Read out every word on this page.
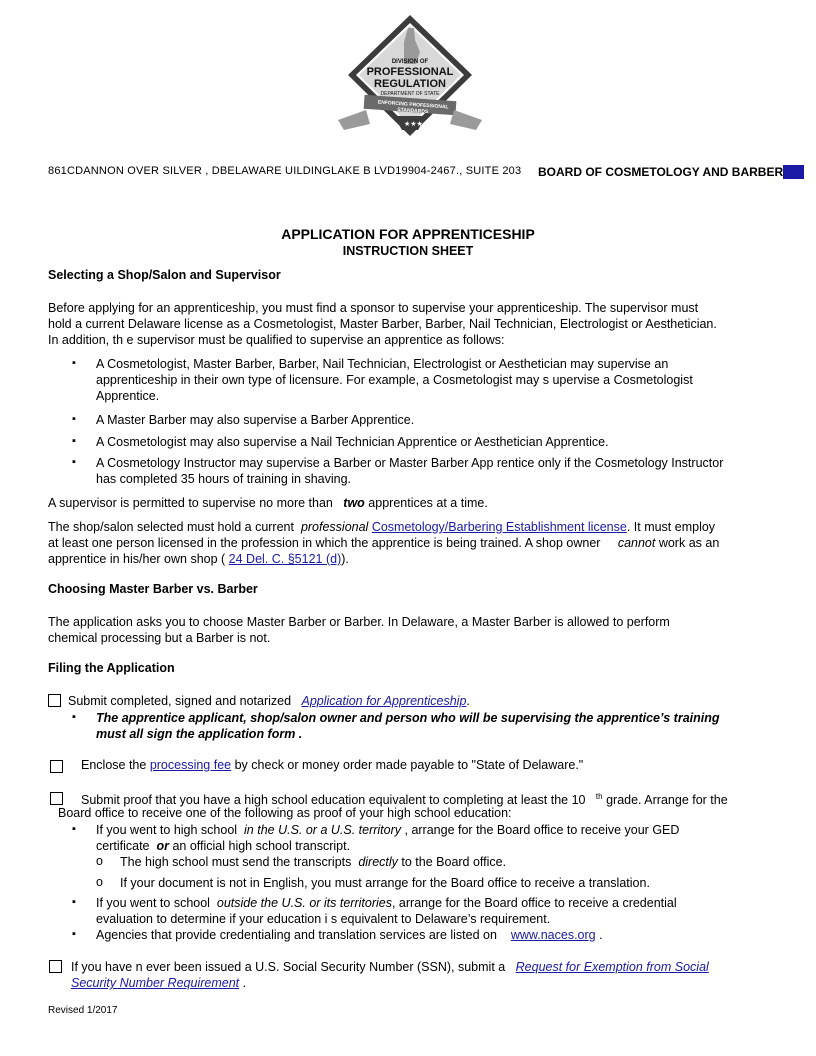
★★★
DIVISION OF
PROFESSIONAL
REGULATION
DEPARTMENT OF STATE
ENFORCING PROFESSIONAL STANDARDS
861CDANNON OVER SILVER , DBELAWARE UILDINGLAKE B LVD19904-2467., SUITE 203 BOARD OF COSMETOLOGY AND BARBERING
APPLICATION FOR APPRENTICESHIP
INSTRUCTION SHEET
Selecting a Shop/Salon and Supervisor
Before applying for an apprenticeship, you must find a sponsor to supervise your apprenticeship. The supervisor must
hold a current Delaware license as a Cosmetologist, Master Barber, Barber, Nail Technician, Electrologist or Aesthetician.
In addition, th e supervisor must be qualified to supervise an apprentice as follows:
▪ A Cosmetologist, Master Barber, Barber, Nail Technician, Electrologist or Aesthetician may supervise an
apprenticeship in their own type of licensure. For example, a Cosmetologist may s upervise a Cosmetologist
Apprentice.
▪ A Master Barber may also supervise a Barber Apprentice.
▪ A Cosmetologist may also supervise a Nail Technician Apprentice or Aesthetician Apprentice.
▪ A Cosmetology Instructor may supervise a Barber or Master Barber App rentice only if the Cosmetology Instructor
has completed 35 hours of training in shaving.
A supervisor is permitted to supervise no more than two apprentices at a time.
The shop/salon selected must hold a current professional Cosmetology/Barbering Establishment license. It must employ
at least one person licensed in the profession in which the apprentice is being trained. A shop owner cannot work as an
apprentice in his/her own shop ( 24 Del. C. §5121 (d)).
Choosing Master Barber vs. Barber
The application asks you to choose Master Barber or Barber. In Delaware, a Master Barber is allowed to perform
chemical processing but a Barber is not.
Filing the Application
Submit completed, signed and notarized Application for Apprenticeship.
▪ The apprentice applicant, shop/salon owner and person who will be supervising the apprentice’s training
must all sign the application form .
Enclose the processing fee by check or money order made payable to "State of Delaware."
Submit proof that you have a high school education equivalent to completing at least the 10 $^{th}$ grade. Arrange for the
Board office to receive one of the following as proof of your high school education:
▪ If you went to high school in the U.S. or a U.S. territory , arrange for the Board office to receive your GED
certificate or an official high school transcript.
o The high school must send the transcripts directly to the Board office.
o If your document is not in English, you must arrange for the Board office to receive a translation.
▪ If you went to school outside the U.S. or its territories, arrange for the Board office to receive a credential
evaluation to determine if your education i s equivalent to Delaware’s requirement.
▪ Agencies that provide credentialing and translation services are listed on www.naces.org .
If you have n ever been issued a U.S. Social Security Number (SSN), submit a Request for Exemption from Social
Security Number Requirement .
Revised 1/2017
